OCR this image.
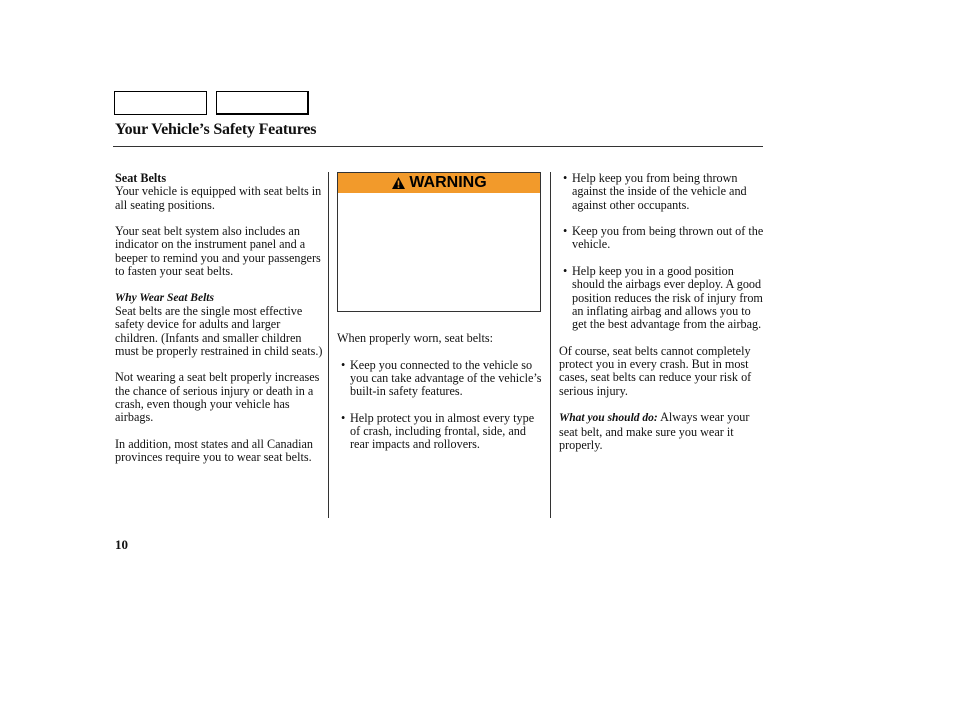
Your Vehicle’s Safety Features
Seat Belts

Your vehicle is equipped with seat belts in all seating positions.

Your seat belt system also includes an indicator on the instrument panel and a beeper to remind you and your passengers to fasten your seat belts.

Why Wear Seat Belts

Seat belts are the single most effective safety device for adults and larger children. (Infants and smaller children must be properly restrained in child seats.)

Not wearing a seat belt properly increases the chance of serious injury or death in a crash, even though your vehicle has airbags.

In addition, most states and all Canadian provinces require you to wear seat belts.

WARNING

When properly worn, seat belts:

• Keep you connected to the vehicle so you can take advantage of the vehicle’s built-in safety features.
• Help protect you in almost every type of crash, including frontal, side, and rear impacts and rollovers.
• Help keep you from being thrown against the inside of the vehicle and against other occupants.
• Keep you from being thrown out of the vehicle.
• Help keep you in a good position should the airbags ever deploy. A good position reduces the risk of injury from an inflating airbag and allows you to get the best advantage from the airbag.

Of course, seat belts cannot completely protect you in every crash. But in most cases, seat belts can reduce your risk of serious injury.

What you should do: Always wear your seat belt, and make sure you wear it properly.

10
